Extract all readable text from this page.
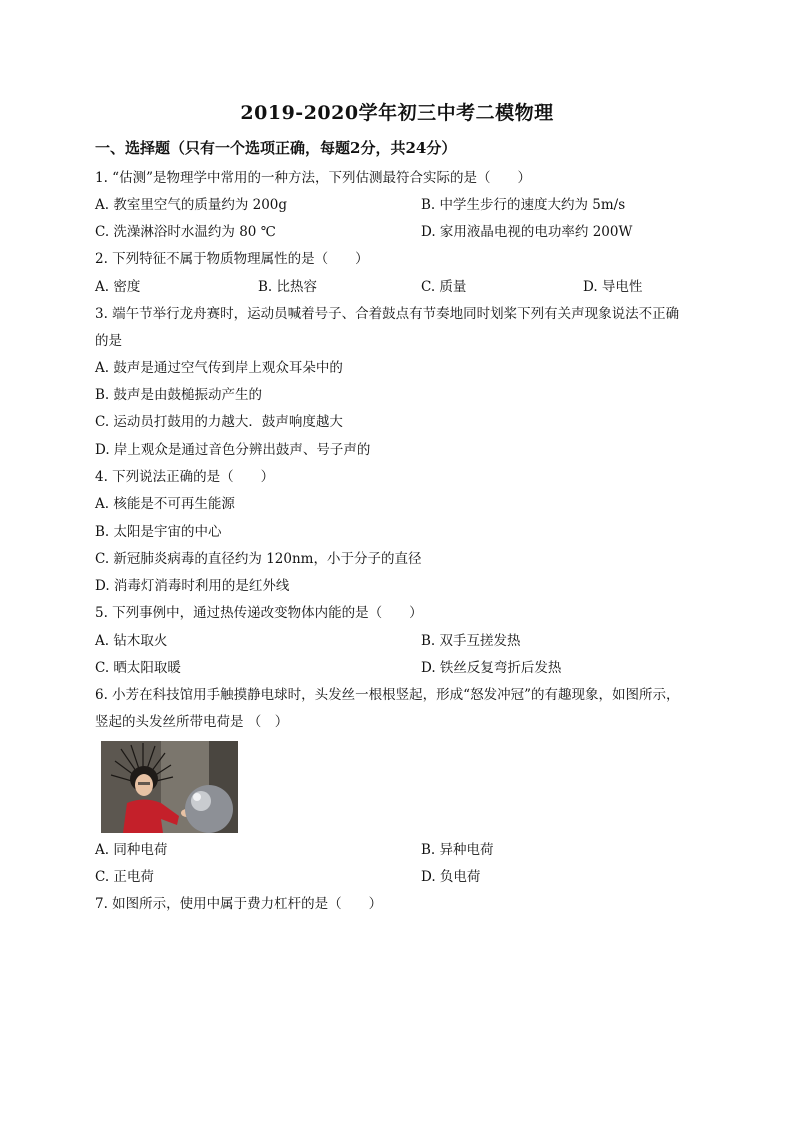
2019-2020学年初三中考二模物理
一、选择题（只有一个选项正确，每题2分，共24分）
1. “估测”是物理学中常用的一种方法，下列估测最符合实际的是（　　）
A. 教室里空气的质量约为 200g	B. 中学生步行的速度大约为 5m/s
C. 洗澡淋浴时水温约为 80 ℃	D. 家用液晶电视的电功率约 200W
2. 下列特征不属于物质物理属性的是（　　）
A. 密度	B. 比热容	C. 质量	D. 导电性
3. 端午节举行龙舟赛时，运动员喊着号子、合着鼓点有节奏地同时划桨下列有关声现象说法不正确
的是
A. 鼓声是通过空气传到岸上观众耳朵中的
B. 鼓声是由鼓槌振动产生的
C. 运动员打鼓用的力越大．鼓声响度越大
D. 岸上观众是通过音色分辨出鼓声、号子声的
4. 下列说法正确的是（　　）
A. 核能是不可再生能源
B. 太阳是宇宙的中心
C. 新冠肺炎病毒的直径约为 120nm，小于分子的直径
D. 消毒灯消毒时利用的是红外线
5. 下列事例中，通过热传递改变物体内能的是（　　）
A. 钻木取火	B. 双手互搓发热
C. 晒太阳取暖	D. 铁丝反复弯折后发热
6. 小芳在科技馆用手触摸静电球时，头发丝一根根竖起，形成“怒发冲冠”的有趣现象，如图所示，
竖起的头发丝所带电荷是 （　）
A. 同种电荷	B. 异种电荷
C. 正电荷	D. 负电荷
7. 如图所示，使用中属于费力杠杆的是（　　）
